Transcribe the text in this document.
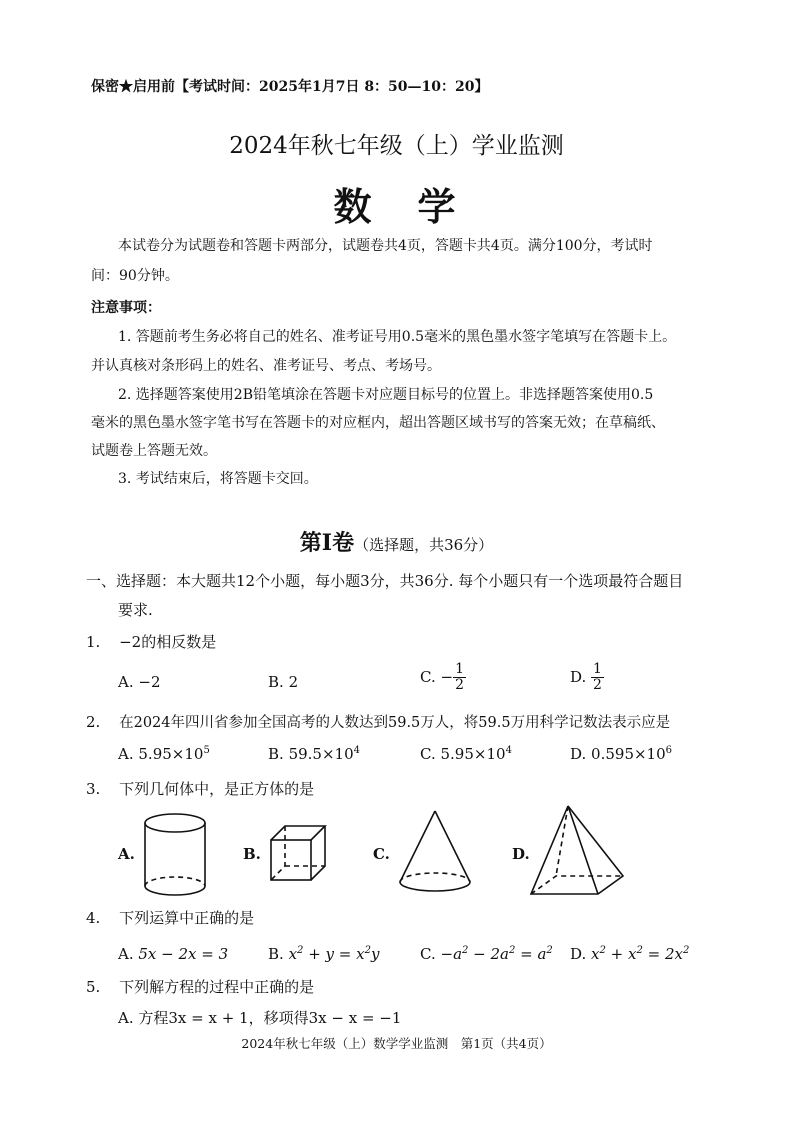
保密★启用前【考试时间：2025年1月7日 8：50—10：20】
2024年秋七年级（上）学业监测
数　学
本试卷分为试题卷和答题卡两部分，试题卷共4页，答题卡共4页。满分100分，考试时
间：90分钟。
注意事项：
1. 答题前考生务必将自己的姓名、准考证号用0.5毫米的黑色墨水签字笔填写在答题卡上。
并认真核对条形码上的姓名、准考证号、考点、考场号。
2. 选择题答案使用2B铅笔填涂在答题卡对应题目标号的位置上。非选择题答案使用0.5
毫米的黑色墨水签字笔书写在答题卡的对应框内，超出答题区域书写的答案无效；在草稿纸、
试题卷上答题无效。
3. 考试结束后，将答题卡交回。
第Ⅰ卷（选择题，共36分）
一、选择题：本大题共12个小题，每小题3分，共36分. 每个小题只有一个选项最符合题目
要求.
1. −2的相反数是
A. −2	B. 2	C. − $\frac{1}{2}$	D. $\frac{1}{2}$
2. 在2024年四川省参加全国高考的人数达到59.5万人，将59.5万用科学记数法表示应是
A. $5.95\times 10^5$	B. $59.5\times 10^4$	C. $5.95\times 10^4$	D. $0.595\times 10^6$
3. 下列几何体中，是正方体的是
A.	B.	C.	D.
4. 下列运算中正确的是
A. 5x − 2x = 3	B. $x^2 + y = x^2y$	C. $-a^2 - 2a^2 = a^2$ D. $x^2 + x^2 = 2x^2$
5. 下列解方程的过程中正确的是
A. 方程3x = x + 1，移项得3x − x = −1
2024年秋七年级（上）数学学业监测　第1页（共4页）
